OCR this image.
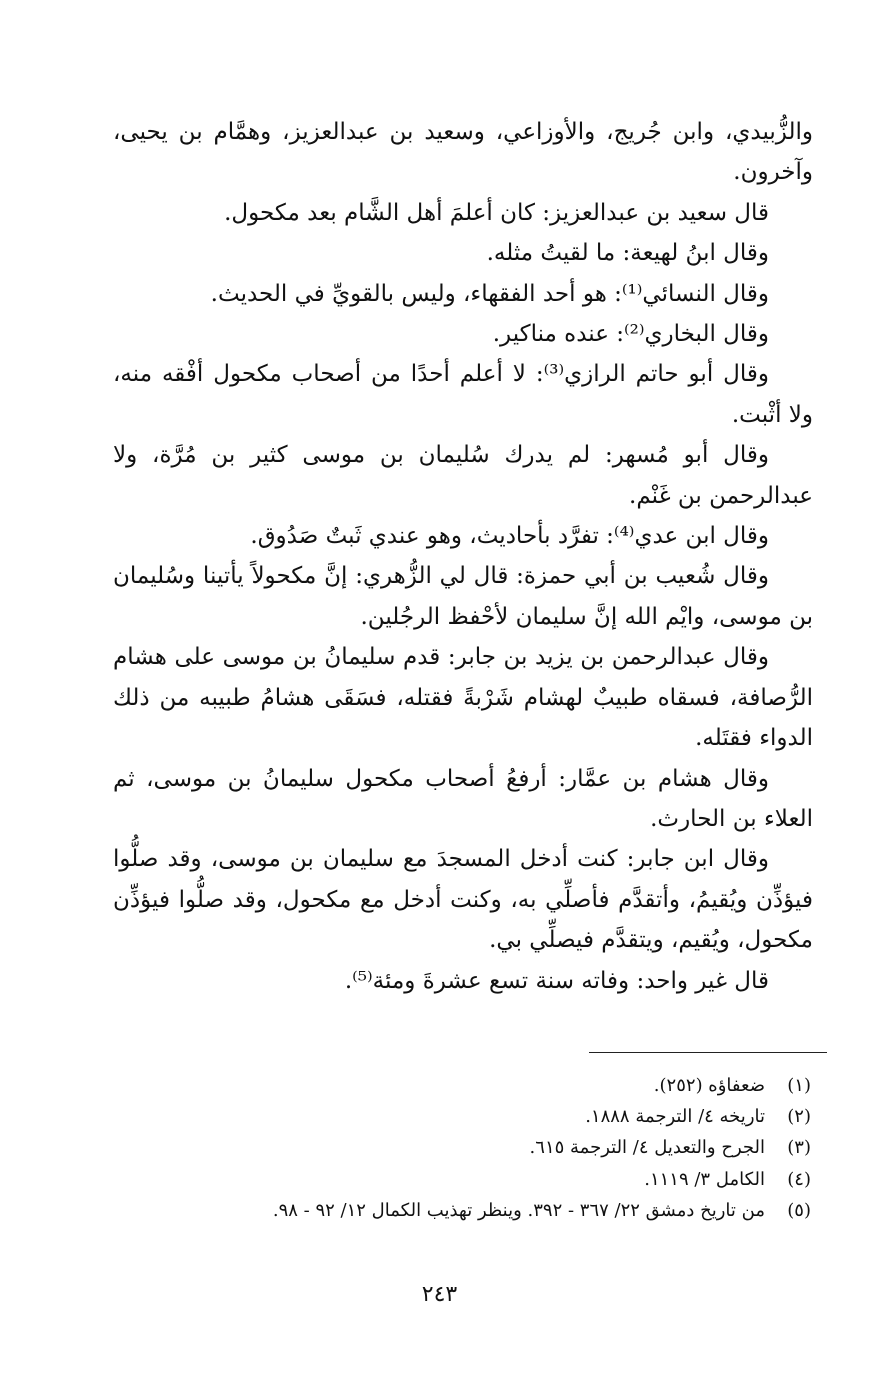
والزُّبيدي، وابن جُريج، والأوزاعي، وسعيد بن عبدالعزيز، وهمَّام بن يحيى، وآخرون.

قال سعيد بن عبدالعزيز: كان أعلمَ أهل الشَّام بعد مكحول.

وقال ابنُ لهيعة: ما لقيتُ مثله.

وقال النسائي⁽¹⁾: هو أحد الفقهاء، وليس بالقويِّ في الحديث.

وقال البخاري⁽²⁾: عنده مناكير.

وقال أبو حاتم الرازي⁽³⁾: لا أعلم أحدًا من أصحاب مكحول أفْقه منه، ولا أثْبت.

وقال أبو مُسهر: لم يدرك سُليمان بن موسى كثير بن مُرَّة، ولا عبدالرحمن بن غَنْم.

وقال ابن عدي⁽⁴⁾: تفرَّد بأحاديث، وهو عندي ثَبتٌ صَدُوق.

وقال شُعيب بن أبي حمزة: قال لي الزُّهري: إنَّ مكحولاً يأتينا وسُليمان بن موسى، وايْم الله إنَّ سليمان لأحْفظ الرجُلين.

وقال عبدالرحمن بن يزيد بن جابر: قدم سليمانُ بن موسى على هشام الرُّصافة، فسقاه طبيبٌ لهشام شَرْبةً فقتله، فسَقَى هشامُ طبيبه من ذلك الدواء فقتَله.

وقال هشام بن عمَّار: أرفعُ أصحاب مكحول سليمانُ بن موسى، ثم العلاء بن الحارث.

وقال ابن جابر: كنت أدخل المسجدَ مع سليمان بن موسى، وقد صلُّوا فيؤذِّن ويُقيمُ، وأتقدَّم فأصلِّي به، وكنت أدخل مع مكحول، وقد صلُّوا فيؤذِّن مكحول، ويُقيم، ويتقدَّم فيصلِّي بي.

قال غير واحد: وفاته سنة تسع عشرةَ ومئة⁽⁵⁾.

(١)ضعفاؤه (٢٥٢).

(٢)تاريخه ٤/ الترجمة ١٨٨٨.

(٣)الجرح والتعديل ٤/ الترجمة ٦١٥.

(٤)الكامل ٣/ ١١١٩.

(٥)من تاريخ دمشق ٢٢/ ٣٦٧ - ٣٩٢. وينظر تهذيب الكمال ١٢/ ٩٢ - ٩٨.

٢٤٣
